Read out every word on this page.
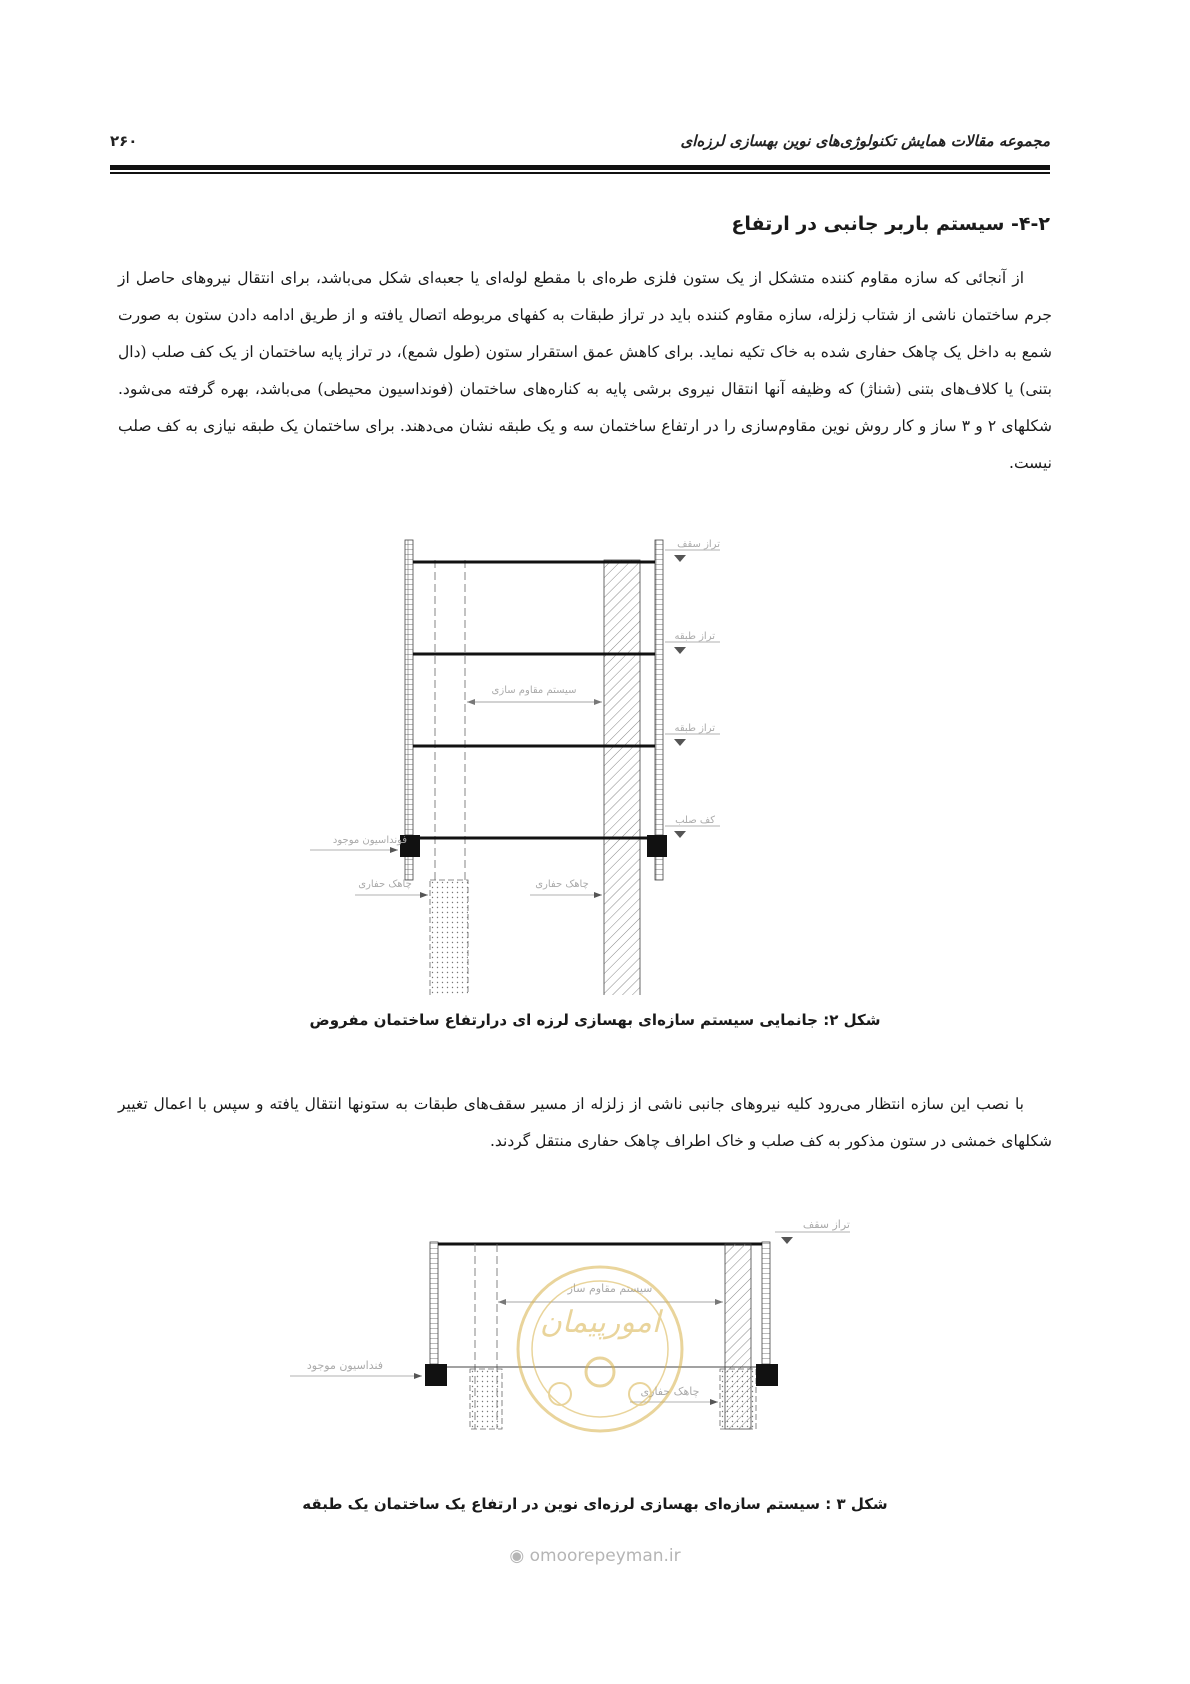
مجموعه مقالات همایش تکنولوژی‌های نوین بهسازی لرزه‌ای
۲۶۰
۴-۲- سیستم باربر جانبی در ارتفاع

از آنجائی که سازه مقاوم کننده متشکل از یک ستون فلزی طره‌ای با مقطع لوله‌ای یا جعبه‌ای شکل می‌باشد، برای انتقال نیروهای حاصل از جرم ساختمان ناشی از شتاب زلزله، سازه مقاوم کننده باید در تراز طبقات به کفهای مربوطه اتصال یافته و از طریق ادامه دادن ستون به صورت شمع به داخل یک چاهک حفاری شده به خاک تکیه نماید. برای کاهش عمق استقرار ستون (طول شمع)، در تراز پایه ساختمان از یک کف صلب (دال بتنی) یا کلاف‌های بتنی (شناژ) که وظیفه آنها انتقال نیروی برشی پایه به کناره‌های ساختمان (فونداسیون محیطی) می‌باشد، بهره گرفته می‌شود. شکلهای ۲ و ۳ ساز و کار روش نوین مقاوم‌سازی را در ارتفاع ساختمان سه و یک طبقه نشان می‌دهند. برای ساختمان یک طبقه نیازی به کف صلب نیست.

سیستم مقاوم سازی
تراز سقف
تراز طبقه
تراز طبقه
کف صلب
فونداسیون موجود
چاهک حفاری	چاهک حفاری
شکل ۲: جانمایی سیستم سازه‌ای بهسازی لرزه ای درارتفاع ساختمان مفروض

با نصب این سازه انتظار می‌رود کلیه نیروهای جانبی ناشی از زلزله از مسیر سقف‌های طبقات به ستونها انتقال یافته و سپس با اعمال تغییر شکلهای خمشی در ستون مذکور به کف صلب و خاک اطراف چاهک حفاری منتقل گردند.

سیستم مقاوم ساز
تراز سقف
فنداسیون موجود
چاهک حفاری
امورپیمان
شکل ۳ : سیستم سازه‌ای بهسازی لرزه‌ای نوین در ارتفاع یک ساختمان یک طبقه
◉ omoorepeyman.ir
